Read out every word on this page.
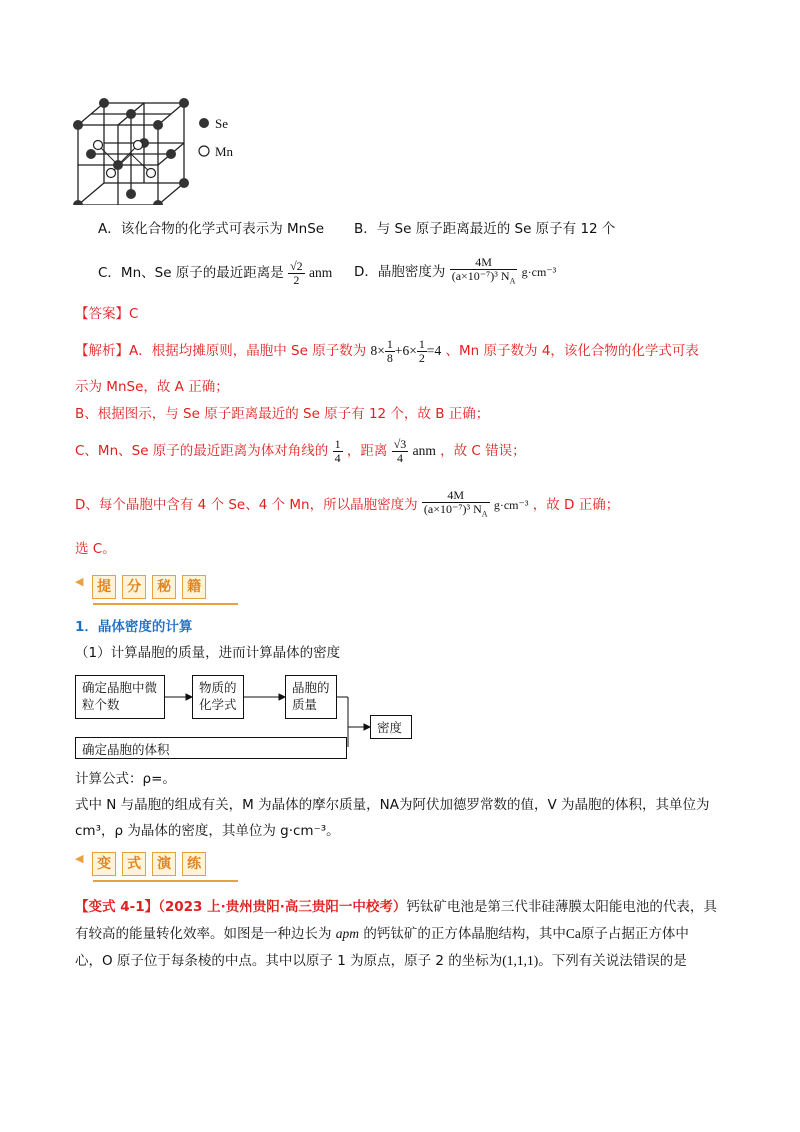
Se
Mn
A．该化合物的化学式可表示为 MnSe B．与 Se 原子距离最近的 Se 原子有 12 个
C．Mn、Se 原子的最近距离是 $\frac{√2}{2}$ anm D．晶胞密度为 $\frac{4M}{(a\times 10^{-7})^3 N_A} g\cdot cm^{-3}$
【答案】C
【解析】A．根据均摊原则，晶胞中 Se 原子数为 $8\times \frac{1}{8} +6\times \frac{1}{2} =4$ 、Mn 原子数为 4，该化合物的化学式可表
示为 MnSe，故 A 正确；
B、根据图示，与 Se 原子距离最近的 Se 原子有 12 个，故 B 正确；
C、Mn、Se 原子的最近距离为体对角线的 $\frac{1}{4}$ ，距离 $\frac{√3}{4}$ anm ，故 C 错误；
D、每个晶胞中含有 4 个 Se、4 个 Mn，所以晶胞密度为 $\frac{4M}{(a\times 10^{-7})^3 N_A} g\cdot cm^{-3}$ ，故 D 正确；
选 C。
◀ 提 分 秘 籍
1．晶体密度的计算
（1）计算晶胞的质量，进而计算晶体的密度
确定晶胞中微粒个数
物质的化学式
晶胞的质量
密度
确定晶胞的体积
计算公式：ρ=。
式中 N 与晶胞的组成有关，M 为晶体的摩尔质量，NA为阿伏加德罗常数的值，V 为晶胞的体积，其单位为
cm³，ρ 为晶体的密度，其单位为 g·cm⁻³。
◀ 变 式 演 练
【变式 4-1】（2023 上·贵州贵阳·高三贵阳一中校考）钙钛矿电池是第三代非硅薄膜太阳能电池的代表，具
有较高的能量转化效率。如图是一种边长为 apm 的钙钛矿的正方体晶胞结构，其中Ca原子占据正方体中
心，O 原子位于每条棱的中点。其中以原子 1 为原点，原子 2 的坐标为(1,1,1)。下列有关说法错误的是
